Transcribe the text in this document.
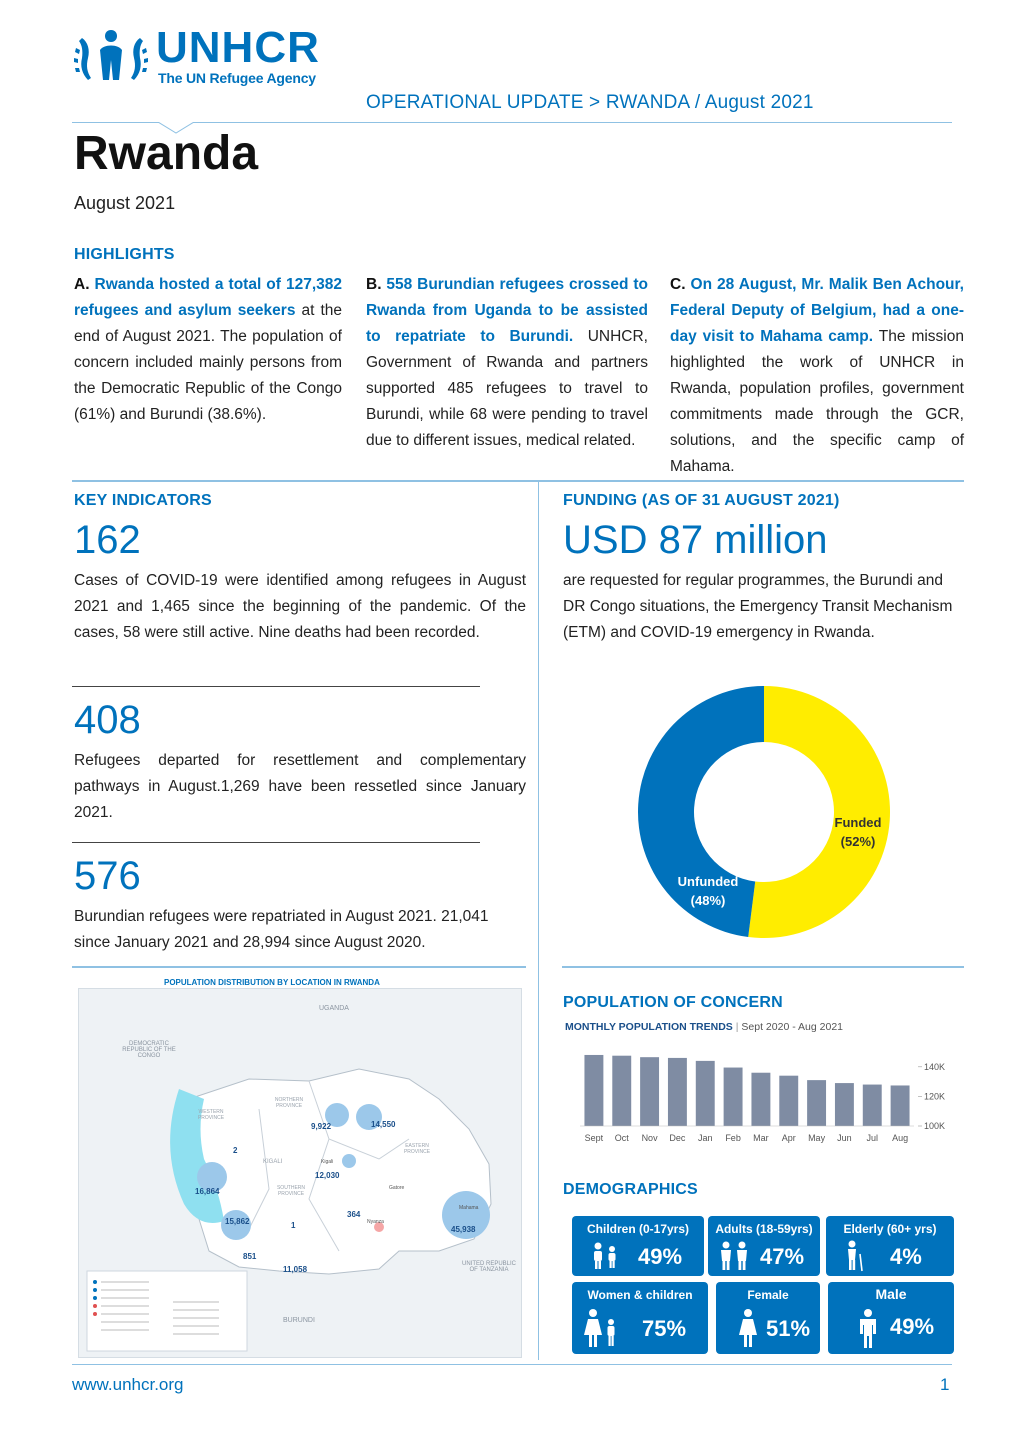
UNHCR
The UN Refugee Agency
OPERATIONAL UPDATE > RWANDA / August 2021
Rwanda
August 2021
HIGHLIGHTS
A. Rwanda hosted a total of 127,382 refugees and asylum seekers at the end of August 2021. The population of concern included mainly persons from the Democratic Republic of the Congo (61%) and Burundi (38.6%).
B. 558 Burundian refugees crossed to Rwanda from Uganda to be assisted to repatriate to Burundi. UNHCR, Government of Rwanda and partners supported 485 refugees to travel to Burundi, while 68 were pending to travel due to different issues, medical related.
C. On 28 August, Mr. Malik Ben Achour, Federal Deputy of Belgium, had a one-day visit to Mahama camp. The mission highlighted the work of UNHCR in Rwanda, population profiles, government commitments made through the GCR, solutions, and the specific camp of Mahama.
KEY INDICATORS
162
Cases of COVID-19 were identified among refugees in August 2021 and 1,465 since the beginning of the pandemic. Of the cases, 58 were still active. Nine deaths had been recorded.
408
Refugees departed for resettlement and complementary pathways in August.1,269 have been ressetled since January 2021.
576
Burundian refugees were repatriated in August 2021. 21,041 since January 2021 and 28,994 since August 2020.
FUNDING (AS OF 31 AUGUST 2021)
USD 87 million
are requested for regular programmes, the Burundi and DR Congo situations, the Emergency Transit Mechanism (ETM) and COVID-19 emergency in Rwanda.
Funded
(52%)
Unfunded
(48%)
POPULATION DISTRIBUTION BY LOCATION IN RWANDA
UGANDA
DEMOCRATIC REPUBLIC OF THE CONGO
UNITED REPUBLIC OF TANZANIA
BURUNDI
NORTHERN PROVINCE
EASTERN PROVINCE
KIGALI
SOUTHERN PROVINCE
WESTERN PROVINCE
9,922	14,550
2
12,030
16,864
15,862	1
364
851
11,058
45,938
Kigali
Gatore
Nyanza
Mahama
POPULATION OF CONCERN
MONTHLY POPULATION TRENDS | Sept 2020 - Aug 2021
Sept Oct Nov Dec Jan Feb Mar Apr May Jun Jul Aug
140K
120K
100K
DEMOGRAPHICS
Children (0-17yrs)
49%
Adults (18-59yrs)
47%
Elderly (60+ yrs)
4%
Women & children
75%
Female
51%
Male
49%
www.unhcr.org	1
